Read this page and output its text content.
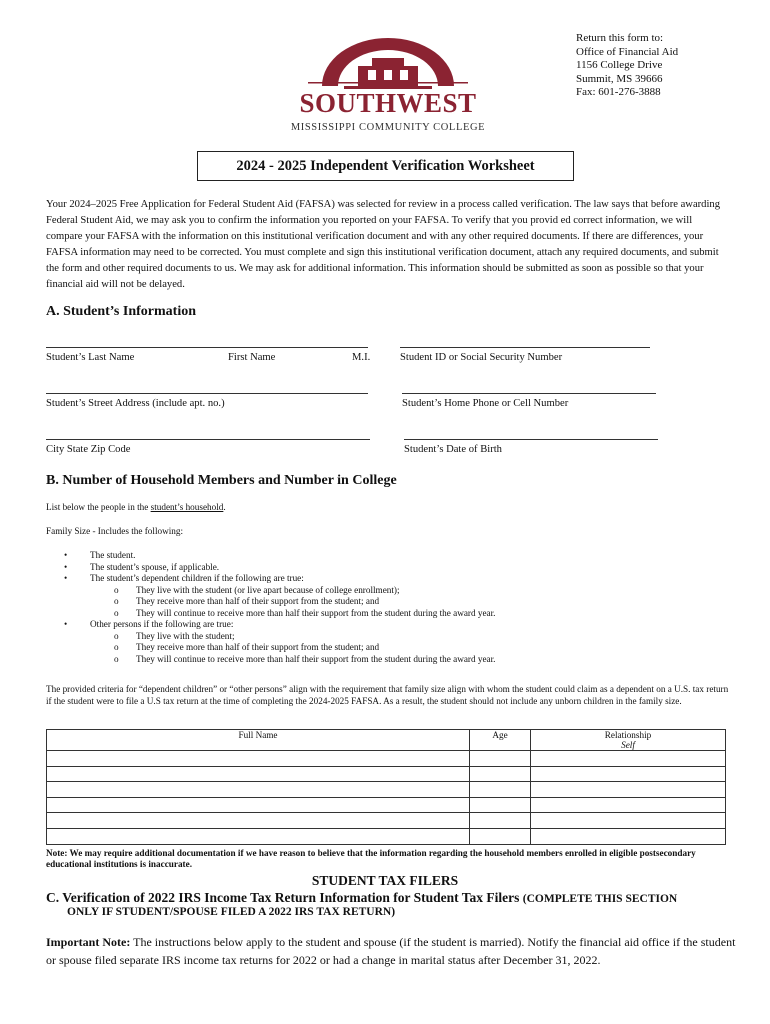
Return this form to:
Office of Financial Aid
1156 College Drive
Summit, MS 39666
Fax: 601-276-3888
SOUTHWEST
MISSISSIPPI COMMUNITY COLLEGE
2024 - 2025 Independent Verification Worksheet
Your 2024–2025 Free Application for Federal Student Aid (FAFSA) was selected for review in a process called verification. The law says that before awarding Federal Student Aid, we may ask you to confirm the information you reported on your FAFSA. To verify that you provid ed correct information, we will compare your FAFSA with the information on this institutional verification document and with any other required documents. If there are differences, your FAFSA information may need to be corrected. You must complete and sign this institutional verification document, attach any required documents, and submit the form and other required documents to us. We may ask for additional information. This information should be submitted as soon as possible so that your financial aid will not be delayed.
A. Student’s Information
Student’s Last Name	First Name	M.I.	Student ID or Social Security Number
Student’s Street Address (include apt. no.)	Student’s Home Phone or Cell Number
City State Zip Code	Student’s Date of Birth
B. Number of Household Members and Number in College
List below the people in the student’s household.
Family Size - Includes the following:
• The student.
• The student’s spouse, if applicable.
• The student’s dependent children if the following are true:
o They live with the student (or live apart because of college enrollment);
o They receive more than half of their support from the student; and
o They will continue to receive more than half their support from the student during the award year.
• Other persons if the following are true:
o They live with the student;
o They receive more than half of their support from the student; and
o They will continue to receive more than half their support from the student during the award year.
The provided criteria for “dependent children” or “other persons” align with the requirement that family size align with whom the student could claim as a dependent on a U.S. tax return if the student were to file a U.S tax return at the time of completing the 2024-2025 FAFSA. As a result, the student should not include any unborn children in the family size.
Full Name	Age	Relationship
Self

Note: We may require additional documentation if we have reason to believe that the information regarding the household members enrolled in eligible postsecondary educational institutions is inaccurate.
STUDENT TAX FILERS
C. Verification of 2022 IRS Income Tax Return Information for Student Tax Filers (COMPLETE THIS SECTION
ONLY IF STUDENT/SPOUSE FILED A 2022 IRS TAX RETURN)
Important Note: The instructions below apply to the student and spouse (if the student is married). Notify the financial aid office if the student or spouse filed separate IRS income tax returns for 2022 or had a change in marital status after December 31, 2022.
